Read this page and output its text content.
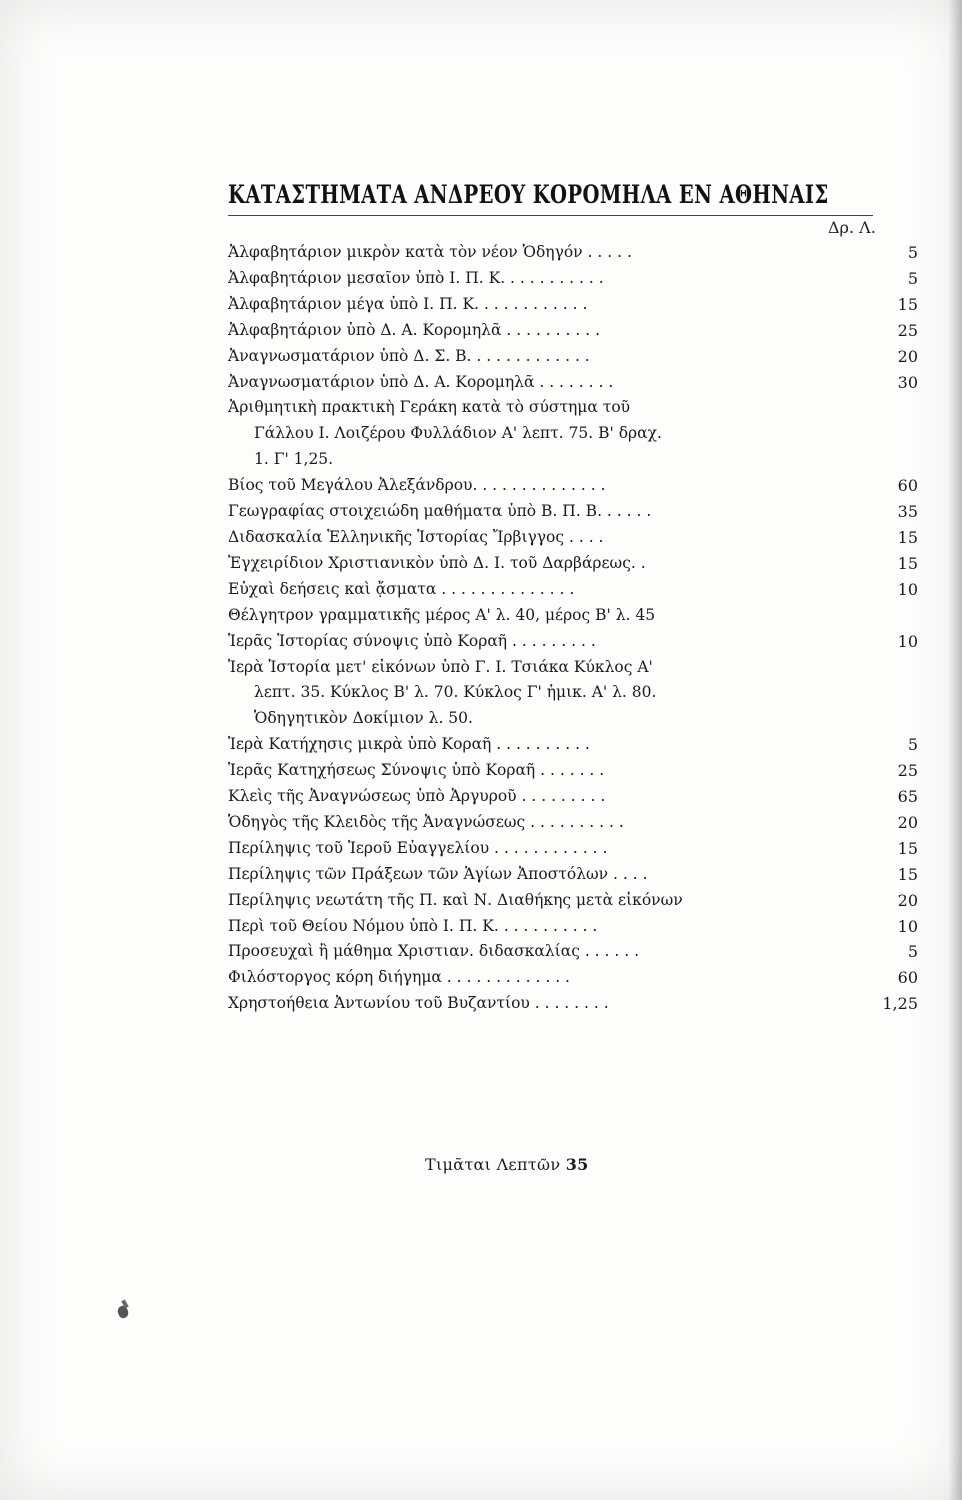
ΚΑΤΑΣΤΗΜΑΤΑ ΑΝΔΡΕΟΥ ΚΟΡΟΜΗΛΑ ΕΝ ΑΘΗΝΑΙΣ
Δρ. Λ.
Ἀλφαβητάριον μικρὸν κατὰ τὸν νέον Ὁδηγόν . . . . .	5
Ἀλφαβητάριον μεσαῖον ὑπὸ Ι. Π. Κ. . . . . . . . . . .	5
Ἀλφαβητάριον μέγα ὑπὸ Ι. Π. Κ. . . . . . . . . . . .	15
Ἀλφαβητάριον ὑπὸ Δ. Α. Κορομηλᾶ . . . . . . . . . .	25
Ἀναγνωσματάριον ὑπὸ Δ. Σ. Β. . . . . . . . . . . . .	20
Ἀναγνωσματάριον ὑπὸ Δ. Α. Κορομηλᾶ . . . . . . . .	30
Ἀριθμητικὴ πρακτικὴ Γεράκη κατὰ τὸ σύστημα τοῦ
Γάλλου Ι. Λοιζέρου Φυλλάδιον Α' λεπτ. 75. Β' δραχ.
1. Γ' 1,25.
Βίος τοῦ Μεγάλου Ἀλεξάνδρου. . . . . . . . . . . . . .	60
Γεωγραφίας στοιχειώδη μαθήματα ὑπὸ Β. Π. Β. . . . . .	35
Διδασκαλία Ἑλληνικῆς Ἱστορίας Ἴρβιγγος . . . .	15
Ἐγχειρίδιον Χριστιανικὸν ὑπὸ Δ. Ι. τοῦ Δαρβάρεως. .	15
Εὐχαὶ δεήσεις καὶ ᾄσματα . . . . . . . . . . . . . .	10
Θέλγητρον γραμματικῆς μέρος Α' λ. 40, μέρος Β' λ. 45
Ἱερᾶς Ἱστορίας σύνοψις ὑπὸ Κοραῆ . . . . . . . . .	10
Ἱερὰ Ἱστορία μετ' εἰκόνων ὑπὸ Γ. Ι. Τσιάκα Κύκλος Α'
λεπτ. 35. Κύκλος Β' λ. 70. Κύκλος Γ' ἡμικ. Α' λ. 80.
Ὁδηγητικὸν Δοκίμιον λ. 50.
Ἱερὰ Κατήχησις μικρὰ ὑπὸ Κοραῆ . . . . . . . . . .	5
Ἱερᾶς Κατηχήσεως Σύνοψις ὑπὸ Κοραῆ . . . . . . .	25
Κλεὶς τῆς Ἀναγνώσεως ὑπὸ Ἀργυροῦ . . . . . . . . .	65
Ὁδηγὸς τῆς Κλειδὸς τῆς Ἀναγνώσεως . . . . . . . . . .	20
Περίληψις τοῦ Ἱεροῦ Εὐαγγελίου . . . . . . . . . . . .	15
Περίληψις τῶν Πράξεων τῶν Ἁγίων Ἀποστόλων . . . .	15
Περίληψις νεωτάτη τῆς Π. καὶ Ν. Διαθήκης μετὰ εἰκόνων	20
Περὶ τοῦ Θείου Νόμου ὑπὸ Ι. Π. Κ. . . . . . . . . . .	10
Προσευχαὶ ἢ μάθημα Χριστιαν. διδασκαλίας . . . . . .	5
Φιλόστοργος κόρη διήγημα . . . . . . . . . . . . .	60
Χρηστοήθεια Ἀντωνίου τοῦ Βυζαντίου . . . . . . . .	1,25
Τιμᾶται Λεπτῶν 35
